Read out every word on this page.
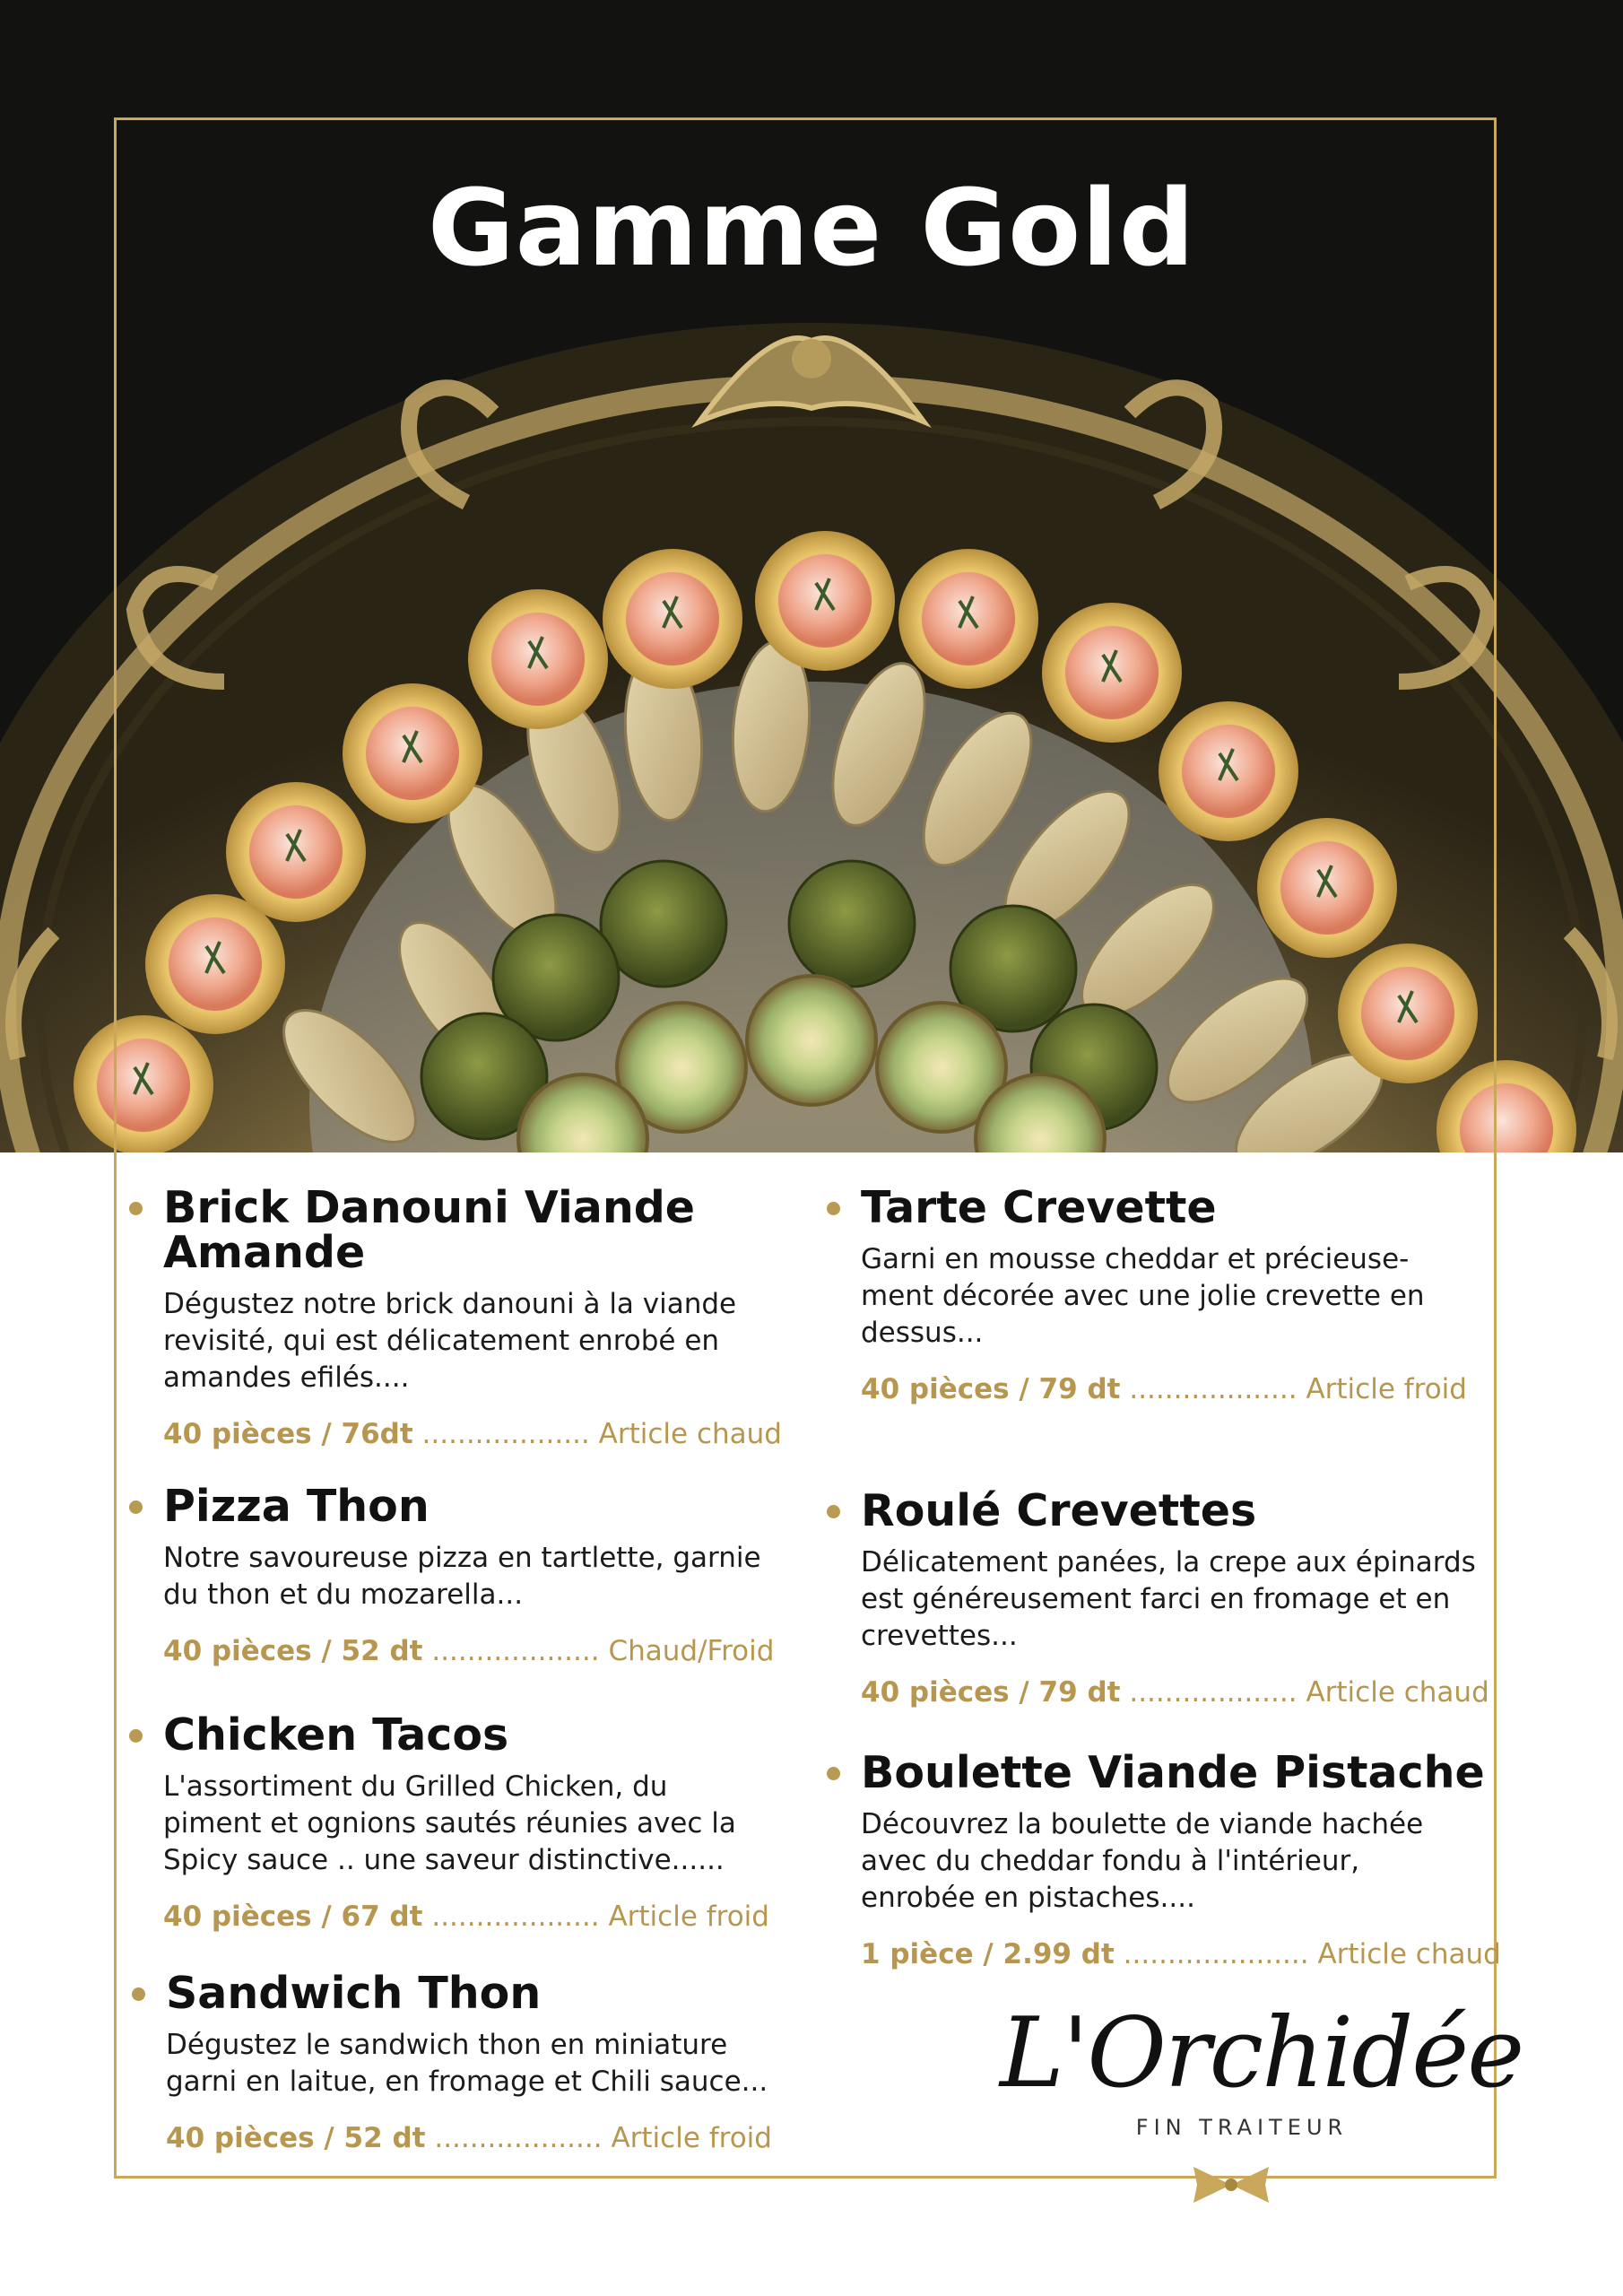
Gamme Gold
Brick Danouni Viande Amande
Dégustez notre brick danouni à la viande revisité, qui est délicatement enrobé en amandes efilés....
40 pièces / 76dt ................... Article chaud
Pizza Thon
Notre savoureuse pizza en tartlette, garnie du thon et du mozarella...
40 pièces / 52 dt ................... Chaud/Froid
Chicken Tacos
L'assortiment du Grilled Chicken, du piment et ognions sautés réunies avec la Spicy sauce .. une saveur distinctive......
40 pièces / 67 dt ................... Article froid
Sandwich Thon
Dégustez le sandwich thon en miniature garni en laitue, en fromage et Chili sauce...
40 pièces / 52 dt ................... Article froid
Tarte Crevette
Garni en mousse cheddar et précieuse-ment décorée avec une jolie crevette en dessus...
40 pièces / 79 dt ................... Article froid
Roulé Crevettes
Délicatement panées, la crepe aux épinards est généreusement farci en fromage et en crevettes...
40 pièces / 79 dt ................... Article chaud
Boulette Viande Pistache
Découvrez la boulette de viande hachée avec du cheddar fondu à l'intérieur, enrobée en pistaches....
1 pièce / 2.99 dt ..................... Article chaud
L'Orchidée
FIN TRAITEUR
